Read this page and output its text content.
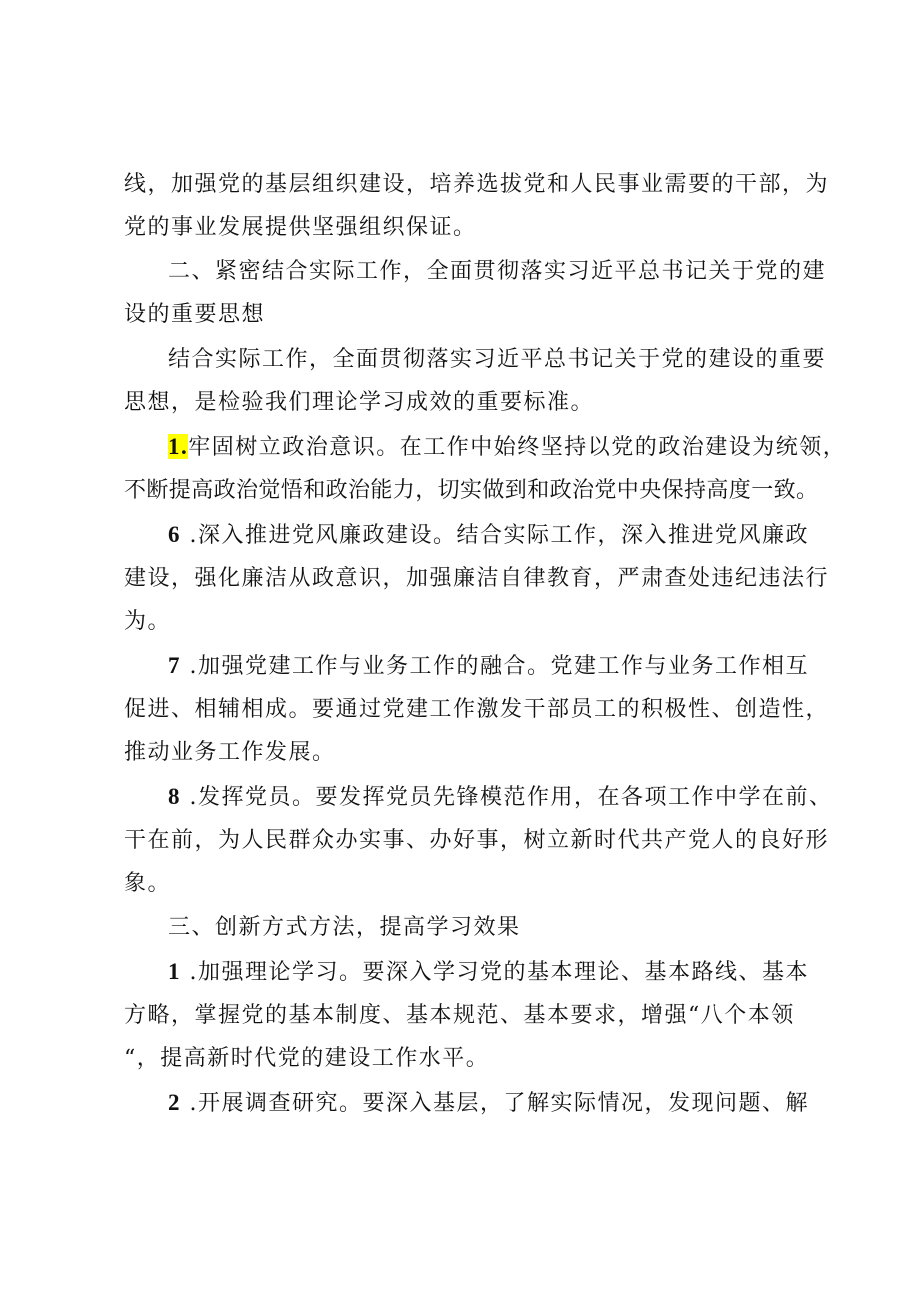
线，加强党的基层组织建设，培养选拔党和人民事业需要的干部，为
党的事业发展提供坚强组织保证。
二、紧密结合实际工作，全面贯彻落实习近平总书记关于党的建
设的重要思想
结合实际工作，全面贯彻落实习近平总书记关于党的建设的重要
思想，是检验我们理论学习成效的重要标准。
1.牢固树立政治意识。在工作中始终坚持以党的政治建设为统领，
不断提高政治觉悟和政治能力，切实做到和政治党中央保持高度一致。
6 .深入推进党风廉政建设。结合实际工作，深入推进党风廉政
建设，强化廉洁从政意识，加强廉洁自律教育，严肃查处违纪违法行
为。
7 .加强党建工作与业务工作的融合。党建工作与业务工作相互
促进、相辅相成。要通过党建工作激发干部员工的积极性、创造性，
推动业务工作发展。
8 .发挥党员。要发挥党员先锋模范作用，在各项工作中学在前、
干在前，为人民群众办实事、办好事，树立新时代共产党人的良好形
象。
三、创新方式方法，提高学习效果
1 .加强理论学习。要深入学习党的基本理论、基本路线、基本
方略，掌握党的基本制度、基本规范、基本要求，增强“八个本领
“，提高新时代党的建设工作水平。
2 .开展调查研究。要深入基层，了解实际情况，发现问题、解
